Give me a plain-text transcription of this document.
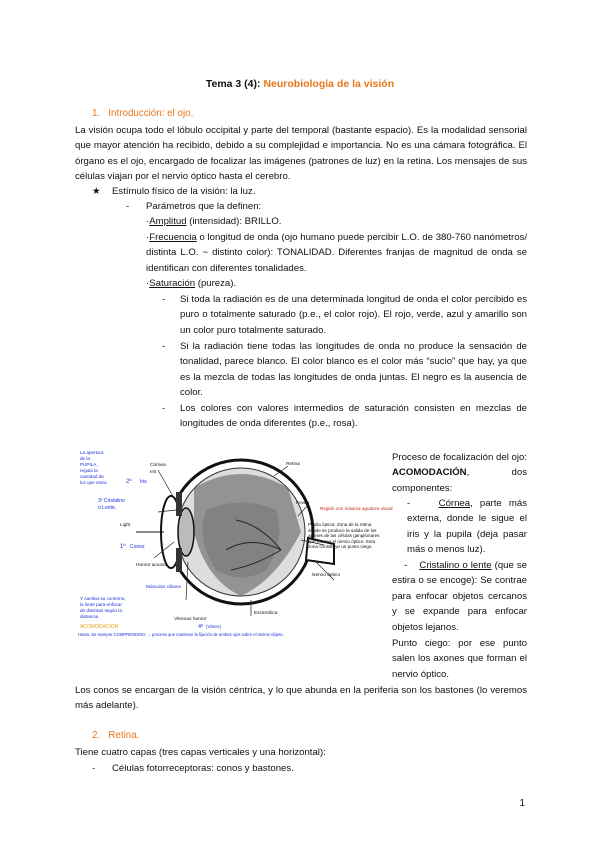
Tema 3 (4): Neurobiología de la visión
1.   Introducción: el ojo.
La visión ocupa todo el lóbulo occipital y parte del temporal (bastante espacio). Es la modalidad sensorial que mayor atención ha recibido, debido a su complejidad e importancia. No es una cámara fotográfica. El órgano es el ojo, encargado de focalizar las imágenes (patrones de luz) en la retina. Los mensajes de sus células viajan por el nervio óptico hasta el cerebro.
★ Estímulo físico de la visión: la luz.
- Parámetros que la definen:
·Amplitud (intensidad): BRILLO.
·Frecuencia o longitud de onda (ojo humano puede percibir L.O. de 380-760 nanómetros/ distinta L.O. ~ distinto color): TONALIDAD. Diferentes franjas de magnitud de onda se identifican con diferentes tonalidades.
·Saturación (pureza).
- Si toda la radiación es de una determinada longitud de onda el color percibido es puro o totalmente saturado (p.e., el color rojo). El rojo, verde, azul y amarillo son un color puro totalmente saturado.
- Si la radiación tiene todas las longitudes de onda no produce la sensación de tonalidad, parece blanco. El color blanco es el color más “sucio” que hay, ya que es la mezcla de todas las longitudes de onda juntas. El negro es la ausencia de color.
- Los colores con valores intermedios de saturación consisten en mezclas de longitudes de onda diferentes (p.e., rosa).
La apertura
de la
PUPILA,
regula la
cantidad de
luz que entra	2º Iris
3º Cristalino
o Lente,
1º Conos
Y cambia su contorno,
la lente para enfocar
de distintas según la
distancia
Músculos ciliares
4º (Vitreo)
Hasta. Se siempre COMPRENDIDO → proceso que mantiene la fijación de ambos ojos sobre el mismo objeto.
Región con máxima agudeza visual
ACOMODACIÓN
Córnea
Iris
Light
Humor acuoso
Retina
Fovea
Nervio óptico
Vitreous humor
Esclerótica
Papila óptica: Zona de la retina donde se produce la salida de los axones de las células ganglionares que forman el nervio óptico. Esta zona constituye un punto ciego.
Proceso de focalización del ojo: ACOMODACIÓN, dos componentes:
-    Córnea, parte más externa, donde le sigue el iris y la pupila (deja pasar más o menos luz).
-    Cristalino o lente (que se estira o se encoge): Se contrae para enfocar objetos cercanos y se expande para enfocar objetos lejanos.
Punto ciego: por ese punto salen los axones que forman el nervio óptico.
Los conos se encargan de la visión céntrica, y lo que abunda en la periferia son los bastones (lo veremos más adelante).
2.   Retina.
Tiene cuatro capas (tres capas verticales y una horizontal):
- Células fotorreceptoras: conos y bastones.
1
